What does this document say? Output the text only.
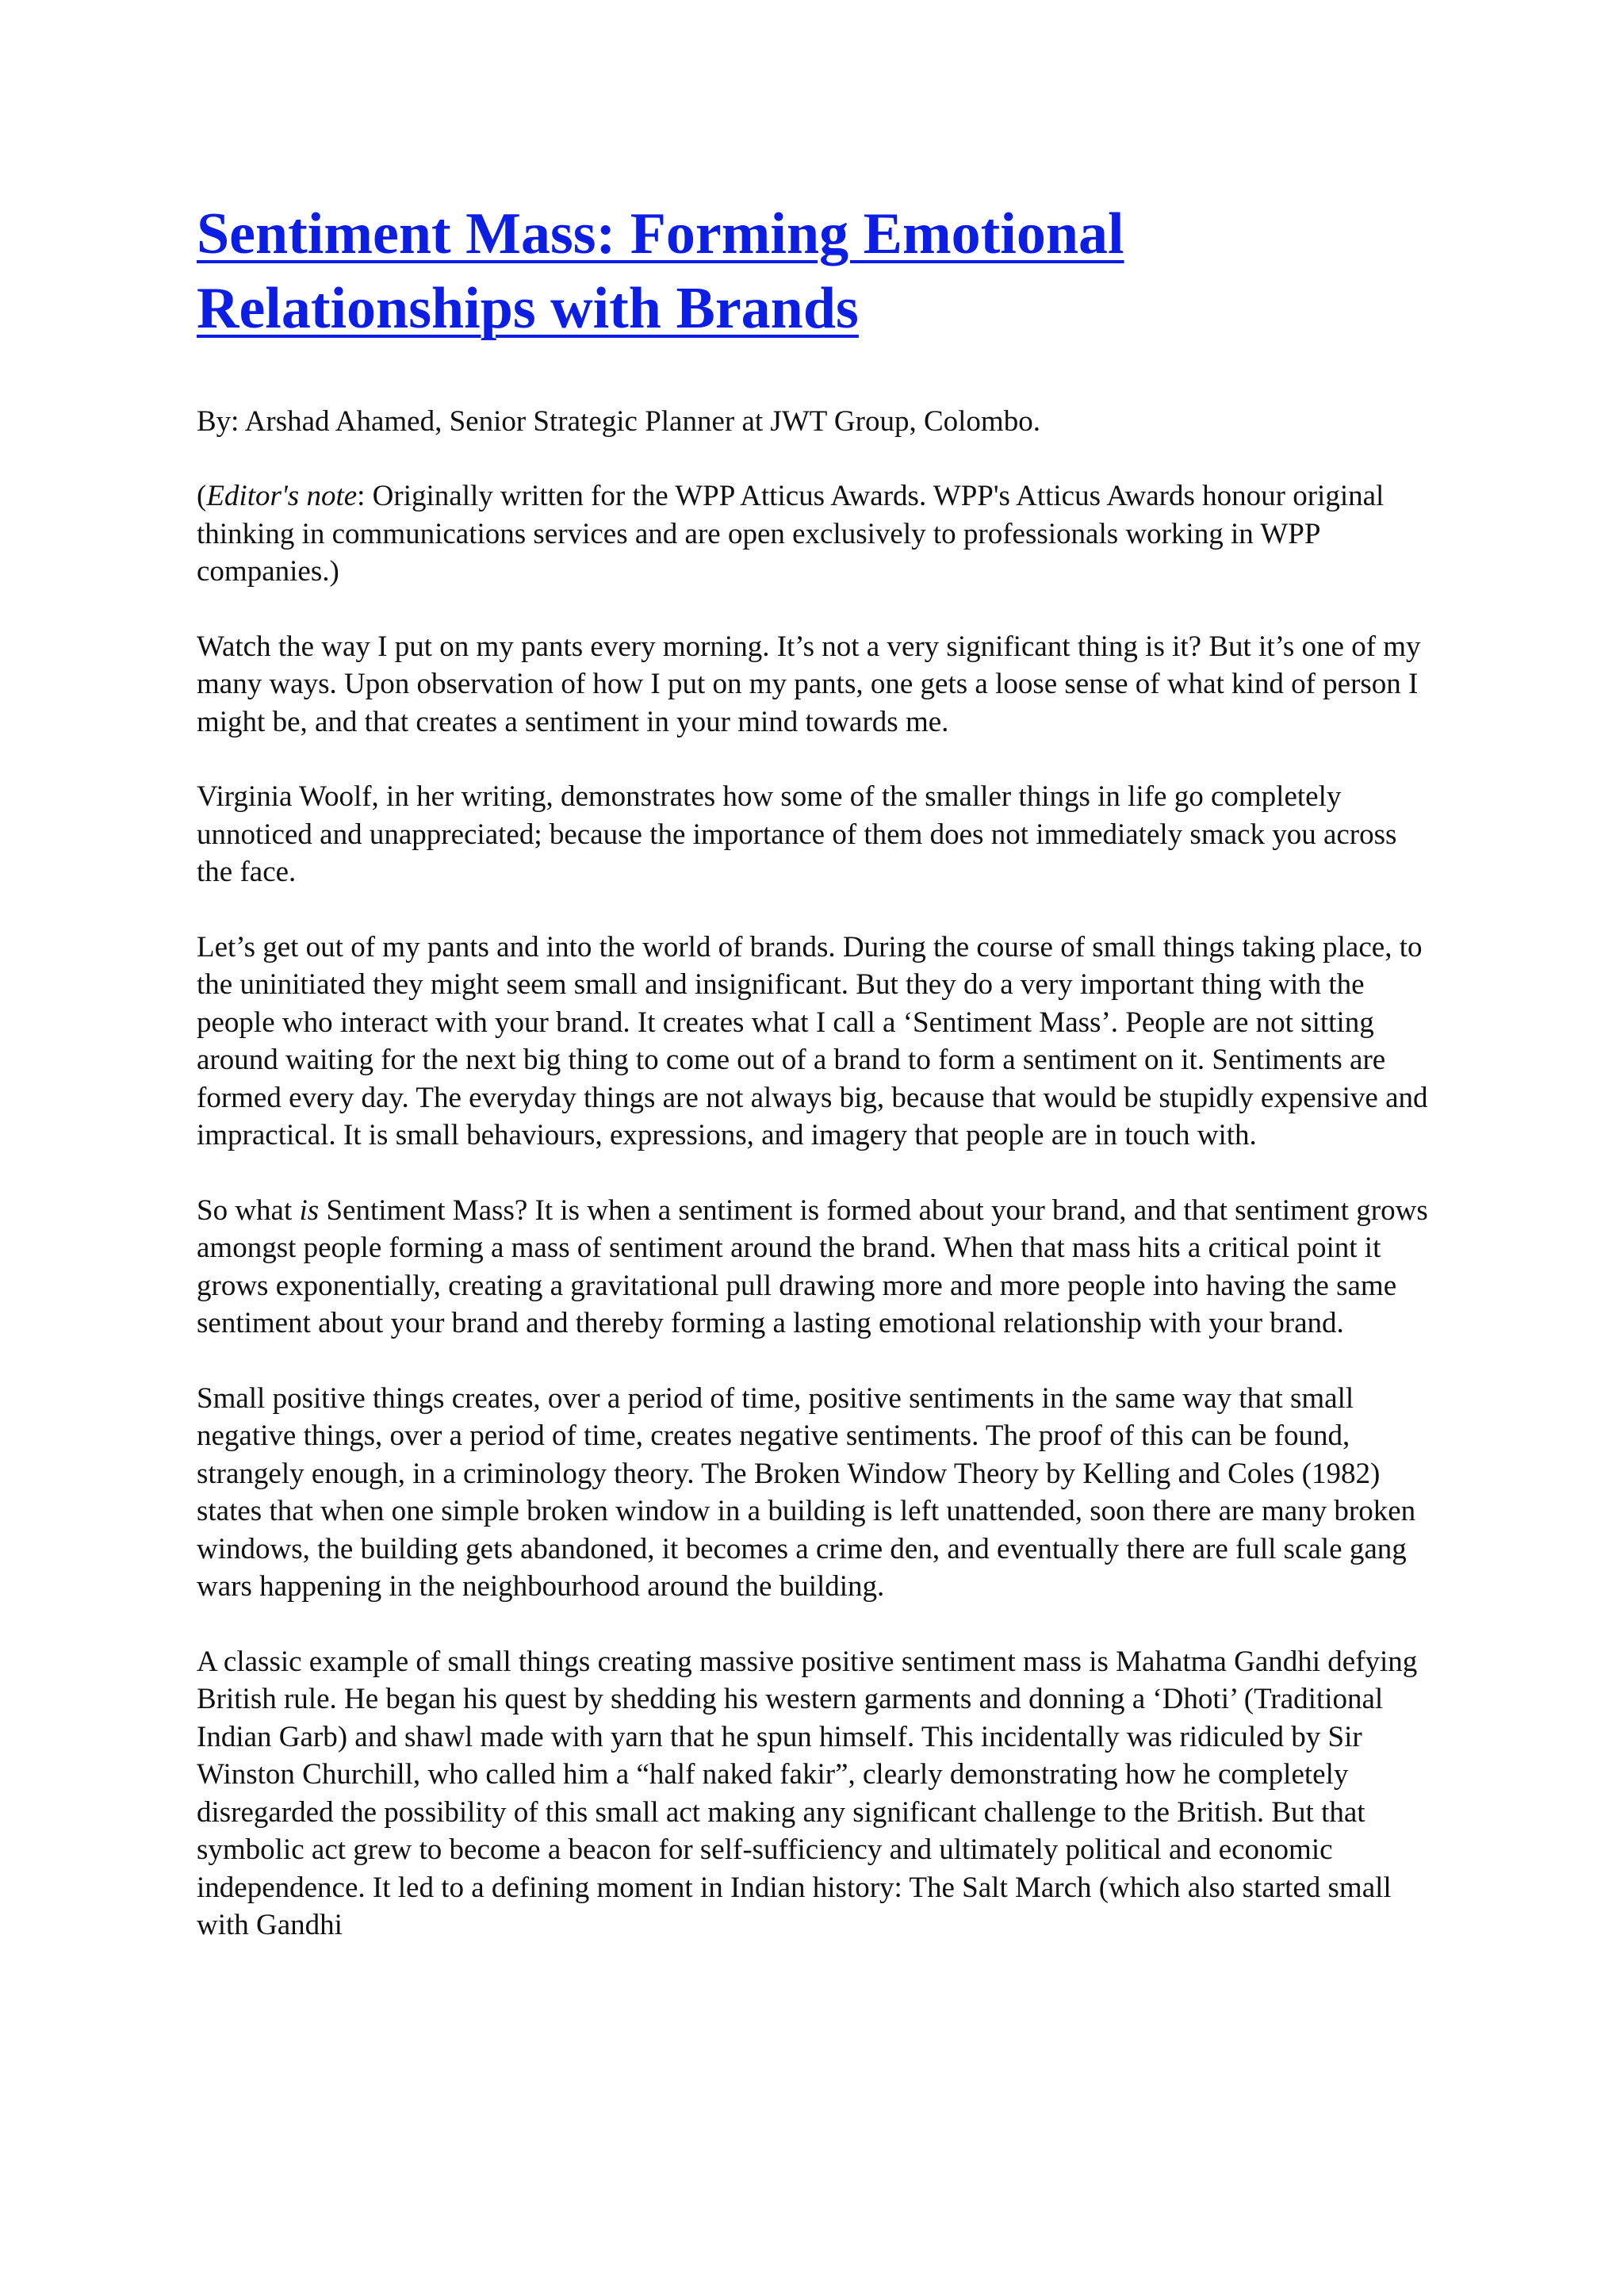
Sentiment Mass: Forming Emotional
Relationships with Brands

By: Arshad Ahamed, Senior Strategic Planner at JWT Group, Colombo.

(Editor's note: Originally written for the WPP Atticus Awards. WPP's Atticus Awards honour original thinking in communications services and are open exclusively to professionals working in WPP companies.)

Watch the way I put on my pants every morning. It’s not a very significant thing is it? But it’s one of my many ways. Upon observation of how I put on my pants, one gets a loose sense of what kind of person I might be, and that creates a sentiment in your mind towards me.

Virginia Woolf, in her writing, demonstrates how some of the smaller things in life go completely unnoticed and unappreciated; because the importance of them does not immediately smack you across the face.

Let’s get out of my pants and into the world of brands. During the course of small things taking place, to the uninitiated they might seem small and insignificant. But they do a very important thing with the people who interact with your brand. It creates what I call a ‘Sentiment Mass’. People are not sitting around waiting for the next big thing to come out of a brand to form a sentiment on it. Sentiments are formed every day. The everyday things are not always big, because that would be stupidly expensive and impractical. It is small behaviours, expressions, and imagery that people are in touch with.

So what is Sentiment Mass? It is when a sentiment is formed about your brand, and that sentiment grows amongst people forming a mass of sentiment around the brand. When that mass hits a critical point it grows exponentially, creating a gravitational pull drawing more and more people into having the same sentiment about your brand and thereby forming a lasting emotional relationship with your brand.

Small positive things creates, over a period of time, positive sentiments in the same way that small negative things, over a period of time, creates negative sentiments. The proof of this can be found, strangely enough, in a criminology theory. The Broken Window Theory by Kelling and Coles (1982) states that when one simple broken window in a building is left unattended, soon there are many broken windows, the building gets abandoned, it becomes a crime den, and eventually there are full scale gang wars happening in the neighbourhood around the building.

A classic example of small things creating massive positive sentiment mass is Mahatma Gandhi defying British rule. He began his quest by shedding his western garments and donning a ‘Dhoti’ (Traditional Indian Garb) and shawl made with yarn that he spun himself. This incidentally was ridiculed by Sir Winston Churchill, who called him a “half naked fakir”, clearly demonstrating how he completely disregarded the possibility of this small act making any significant challenge to the British. But that symbolic act grew to become a beacon for self-sufficiency and ultimately political and economic independence. It led to a defining moment in Indian history: The Salt March (which also started small with Gandhi
